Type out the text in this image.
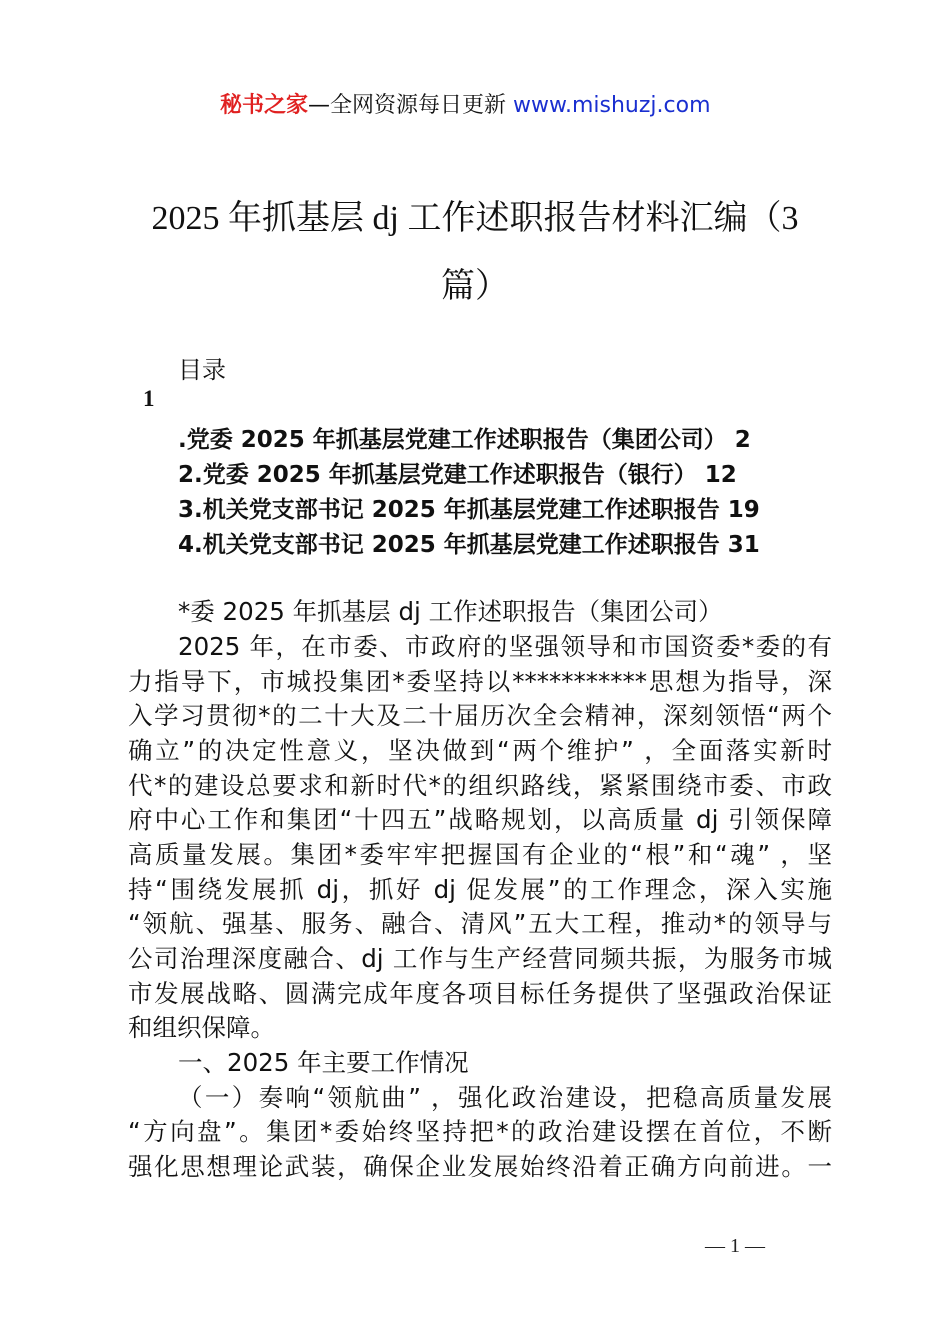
秘书之家—全网资源每日更新 www.mishuzj.com
2025 年抓基层 dj 工作述职报告材料汇编（3
篇）
目录
1
.党委 2025 年抓基层党建工作述职报告（集团公司） 2
2.党委 2025 年抓基层党建工作述职报告（银行） 12
3.机关党支部书记 2025 年抓基层党建工作述职报告 19
4.机关党支部书记 2025 年抓基层党建工作述职报告 31
*委 2025 年抓基层 dj 工作述职报告（集团公司）
2025 年，在市委、市政府的坚强领导和市国资委*委的有
力指导下，市城投集团*委坚持以***********思想为指导，深
入学习贯彻*的二十大及二十届历次全会精神，深刻领悟“两个
确立”的决定性意义，坚决做到“两个维护” ，全面落实新时
代*的建设总要求和新时代*的组织路线，紧紧围绕市委、市政
府中心工作和集团“十四五”战略规划，以高质量 dj 引领保障
高质量发展。集团*委牢牢把握国有企业的“根”和“魂” ，坚
持“围绕发展抓 dj，抓好 dj 促发展”的工作理念，深入实施
“领航、强基、服务、融合、清风”五大工程，推动*的领导与
公司治理深度融合、dj 工作与生产经营同频共振，为服务市城
市发展战略、圆满完成年度各项目标任务提供了坚强政治保证
和组织保障。
一、2025 年主要工作情况
（一）奏响“领航曲” ，强化政治建设，把稳高质量发展
“方向盘”。集团*委始终坚持把*的政治建设摆在首位，不断
强化思想理论武装，确保企业发展始终沿着正确方向前进。一
— 1 —
